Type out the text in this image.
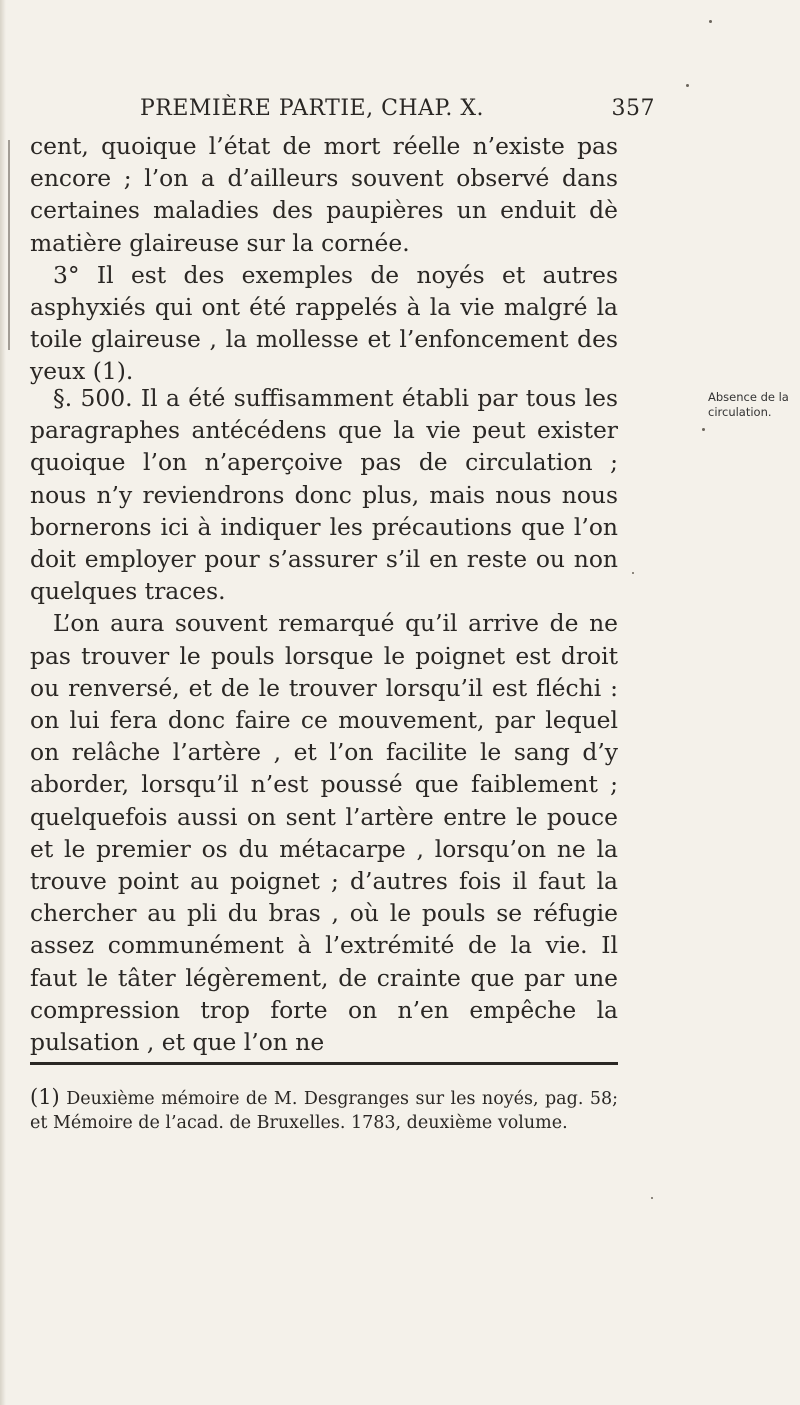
PREMIÈRE PARTIE, CHAP. X.	357

cent, quoique l’état de mort réelle n’existe pas encore ; l’on a d’ailleurs souvent observé dans certaines maladies des paupières un enduit dè matière glaireuse sur la cornée.

3° Il est des exemples de noyés et autres asphyxiés qui ont été rappelés à la vie malgré la toile glaireuse , la mollesse et l’enfoncement des yeux (1).

§. 500. Il a été suffisamment établi par tous les paragraphes antécédens que la vie peut exister quoique l’on n’aperçoive pas de circulation ; nous n’y reviendrons donc plus, mais nous nous bornerons ici à indiquer les précautions que l’on doit employer pour s’assurer s’il en reste ou non quelques traces.

L’on aura souvent remarqué qu’il arrive de ne pas trouver le pouls lorsque le poignet est droit ou renversé, et de le trouver lorsqu’il est fléchi : on lui fera donc faire ce mouvement, par lequel on relâche l’artère , et l’on facilite le sang d’y aborder, lorsqu’il n’est poussé que faiblement ; quelquefois aussi on sent l’artère entre le pouce et le premier os du métacarpe , lorsqu’on ne la trouve point au poignet ; d’autres fois il faut la chercher au pli du bras , où le pouls se réfugie assez communément à l’extrémité de la vie. Il faut le tâter légèrement, de crainte que par une compression trop forte on n’en empêche la pulsation , et que l’on ne

Absence de la
circulation.

(1) Deuxième mémoire de M. Desgranges sur les noyés, pag. 58; et Mémoire de l’acad. de Bruxelles. 1783, deuxième volume.
